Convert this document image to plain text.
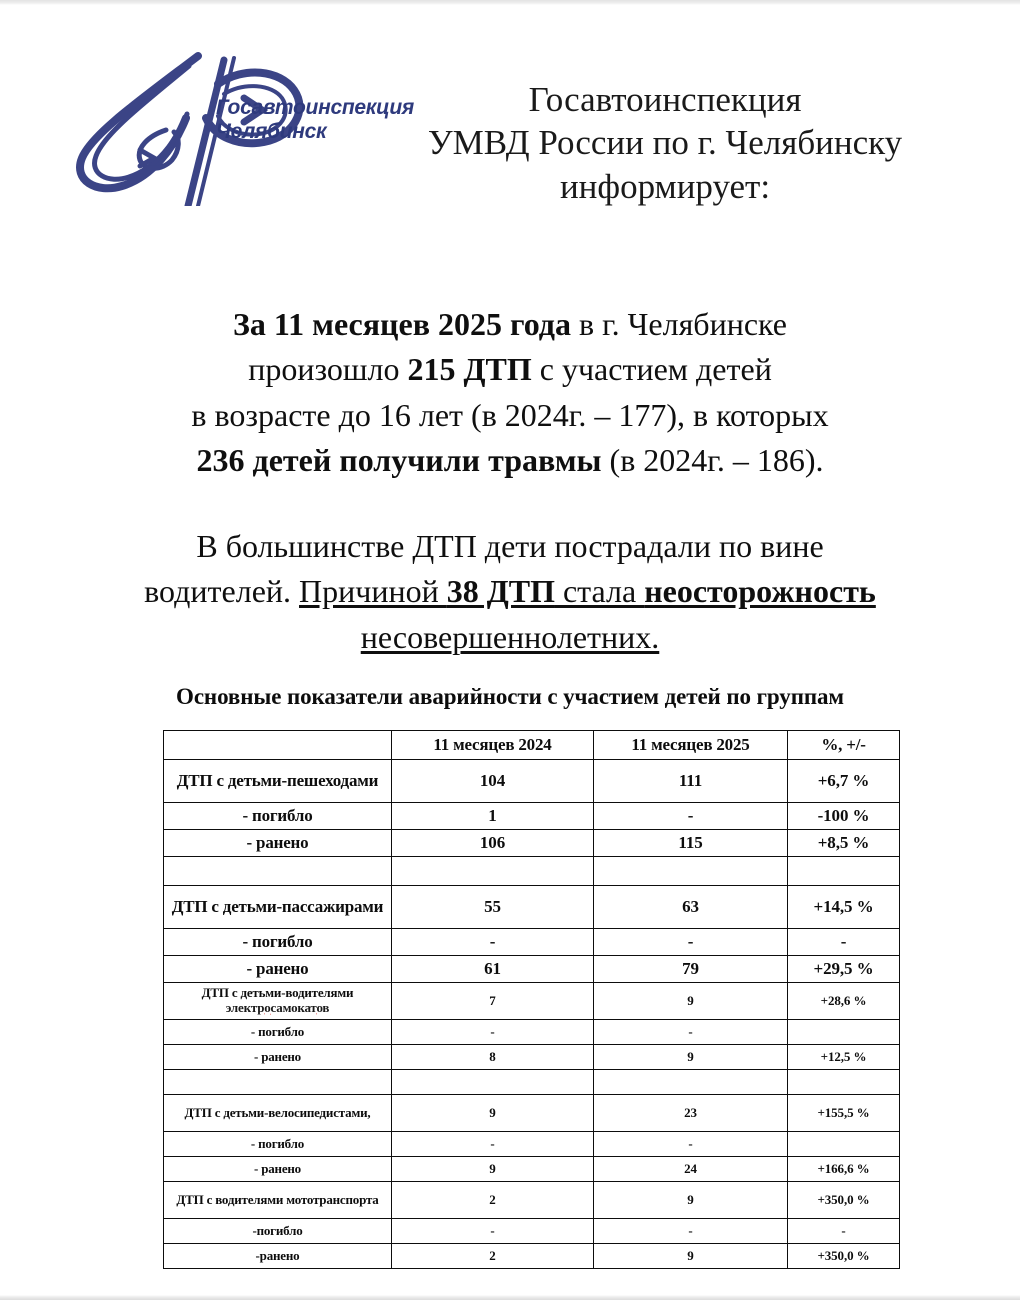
Госавтоинспекция
Челябинск
Госавтоинспекция
УМВД России по г. Челябинску
информирует:
За 11 месяцев 2025 года в г. Челябинске
произошло 215 ДТП с участием детей
в возрасте до 16 лет (в 2024г. – 177), в которых
236 детей получили травмы (в 2024г. – 186).
В большинстве ДТП дети пострадали по вине
водителей. Причиной 38 ДТП стала неосторожность
несовершеннолетних.
Основные показатели аварийности с участием детей по группам
	11 месяцев 2024	11 месяцев 2025	%, +/-
ДТП с детьми-пешеходами	104	111	+6,7 %
- погибло	1	-	-100 %
- ранено	106	115	+8,5 %

ДТП с детьми-пассажирами	55	63	+14,5 %
- погибло	-	-	-
- ранено	61	79	+29,5 %
ДТП с детьми-водителями электросамокатов	7	9	+28,6 %
- погибло	-	-	
- ранено	8	9	+12,5 %

ДТП с детьми-велосипедистами,	9	23	+155,5 %
- погибло	-	-	
- ранено	9	24	+166,6 %
ДТП с водителями мототранспорта	2	9	+350,0 %
-погибло	-	-	-
-ранено	2	9	+350,0 %
